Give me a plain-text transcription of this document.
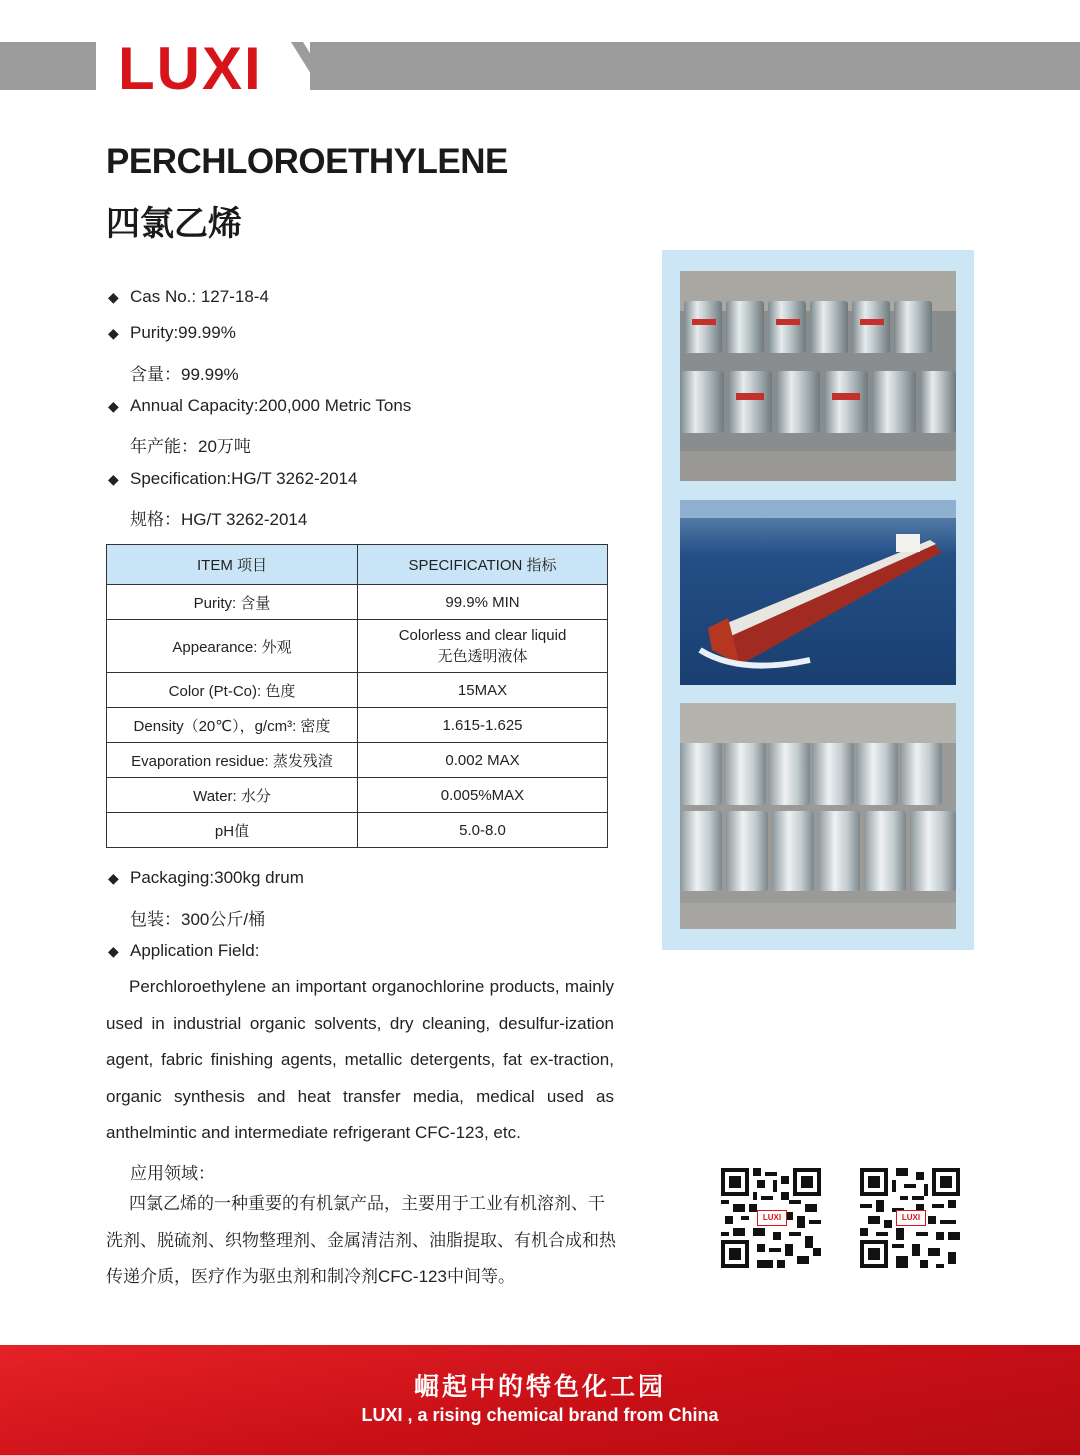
LUXI
PERCHLOROETHYLENE
四氯乙烯
◆ Cas No.: 127-18-4
◆ Purity:99.99%
含量：99.99%
◆ Annual Capacity:200,000 Metric Tons
年产能：20万吨
◆ Specification:HG/T 3262-2014
规格：HG/T 3262-2014
ITEM 项目	SPECIFICATION 指标
Purity: 含量	99.9% MIN
Appearance: 外观	Colorless and clear liquid
无色透明液体

Color (Pt-Co): 色度	15MAX
Density（20℃），g/cm³: 密度	1.615-1.625
Evaporation residue: 蒸发残渣	0.002 MAX
Water: 水分	0.005%MAX
pH值	5.0-8.0
◆ Packaging:300kg drum
包装：300公斤/桶
◆ Application Field:
Perchloroethylene an important organochlorine products, mainly used in industrial organic solvents, dry cleaning, desulfur-ization agent, fabric finishing agents, metallic detergents, fat ex-traction, organic synthesis and heat transfer media, medical used as anthelmintic and intermediate refrigerant CFC-123, etc.
应用领域：
四氯乙烯的一种重要的有机氯产品，主要用于工业有机溶剂、干洗剂、脱硫剂、织物整理剂、金属清洁剂、油脂提取、有机合成和热传递介质，医疗作为驱虫剂和制冷剂CFC-123中间等。
LUXI	LUXI
崛起中的特色化工园
LUXI , a rising chemical brand from China
